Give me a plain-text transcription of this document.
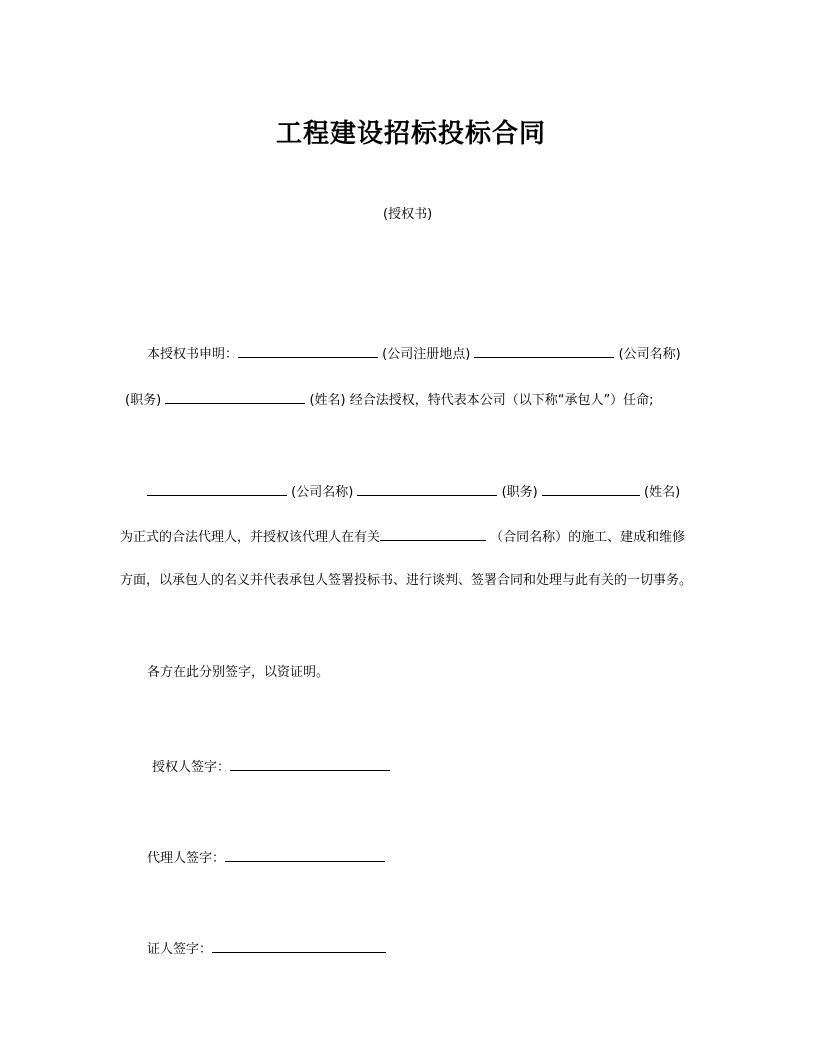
工程建设招标投标合同
(授权书)
本授权书申明：	(公司注册地点)	(公司名称)
(职务)	(姓名) 经合法授权，特代表本公司（以下称“承包人”）任命;
(公司名称)	(职务)	(姓名)
为正式的合法代理人，并授权该代理人在有关	（合同名称）的施工、建成和维修
方面，以承包人的名义并代表承包人签署投标书、进行谈判、签署合同和处理与此有关的一切事务。
各方在此分别签字，以资证明。
授权人签字：
代理人签字：
证人签字：
